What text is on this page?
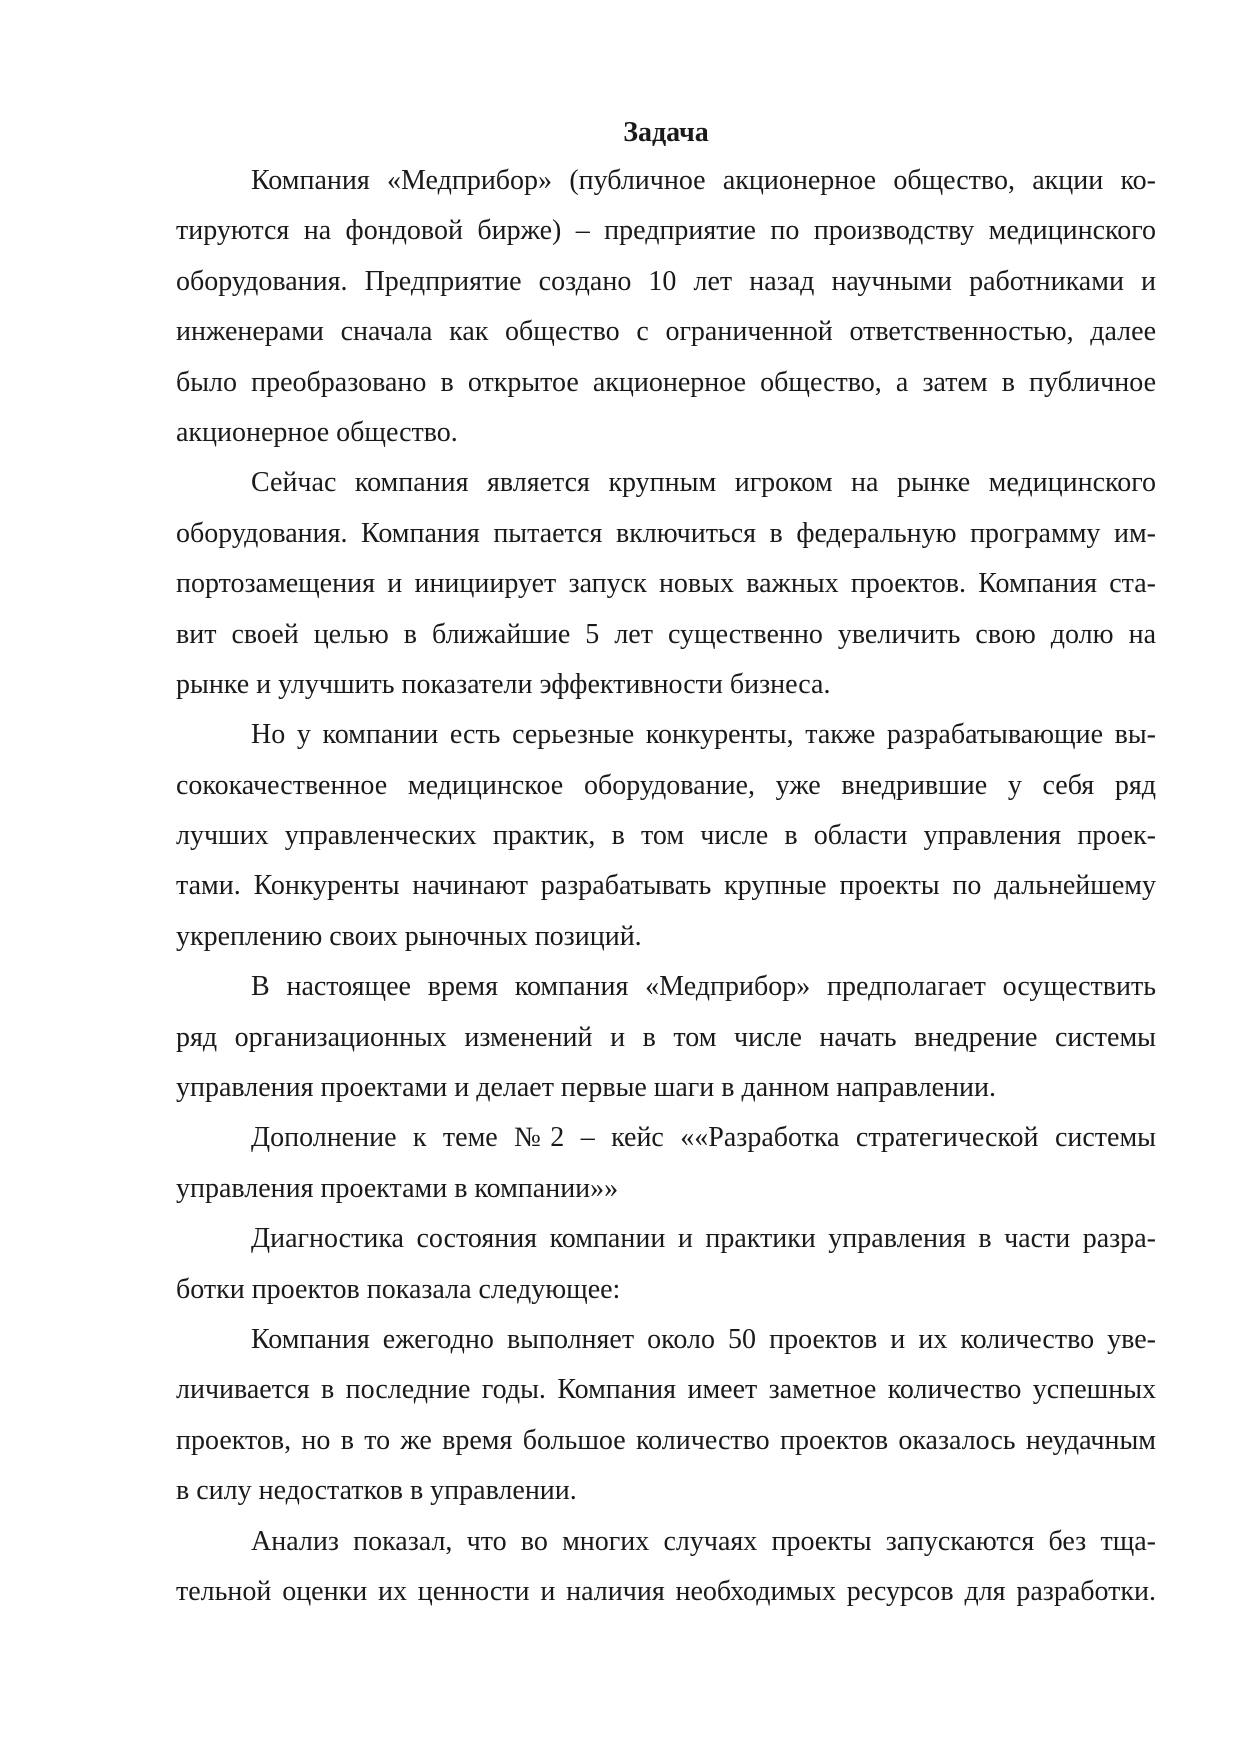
Задача
Компания «Медприбор» (публичное акционерное общество, акции ко-
тируются на фондовой бирже) – предприятие по производству медицинского
оборудования. Предприятие создано 10 лет назад научными работниками и
инженерами сначала как общество с ограниченной ответственностью, далее
было преобразовано в открытое акционерное общество, а затем в публичное
акционерное общество.
Сейчас компания является крупным игроком на рынке медицинского
оборудования. Компания пытается включиться в федеральную программу им-
портозамещения и инициирует запуск новых важных проектов. Компания ста-
вит своей целью в ближайшие 5 лет существенно увеличить свою долю на
рынке и улучшить показатели эффективности бизнеса.
Но у компании есть серьезные конкуренты, также разрабатывающие вы-
сококачественное медицинское оборудование, уже внедрившие у себя ряд
лучших управленческих практик, в том числе в области управления проек-
тами. Конкуренты начинают разрабатывать крупные проекты по дальнейшему
укреплению своих рыночных позиций.
В настоящее время компания «Медприбор» предполагает осуществить
ряд организационных изменений и в том числе начать внедрение системы
управления проектами и делает первые шаги в данном направлении.
Дополнение к теме №2 – кейс ««Разработка стратегической системы
управления проектами в компании»»
Диагностика состояния компании и практики управления в части разра-
ботки проектов показала следующее:
Компания ежегодно выполняет около 50 проектов и их количество уве-
личивается в последние годы. Компания имеет заметное количество успешных
проектов, но в то же время большое количество проектов оказалось неудачным
в силу недостатков в управлении.
Анализ показал, что во многих случаях проекты запускаются без тща-
тельной оценки их ценности и наличия необходимых ресурсов для разработки.
